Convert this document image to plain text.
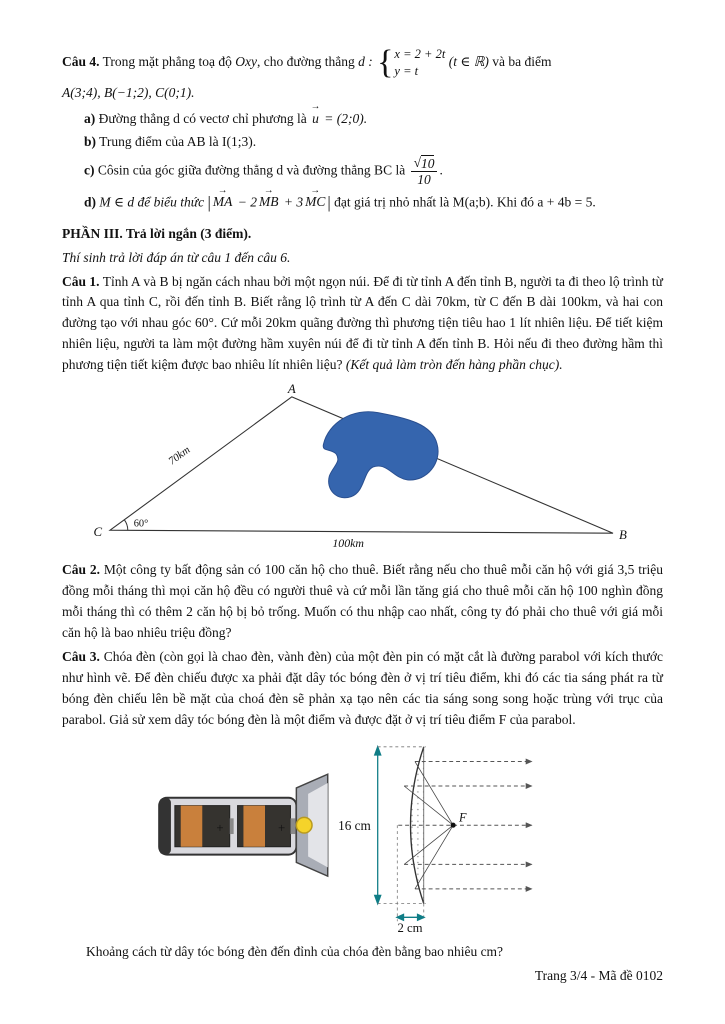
Câu 4. Trong mặt phẳng toạ độ Oxy, cho đường thẳng d : { x = 2 + 2t
y = t
(t ∈ ℝ) và ba điểm

A(3;4), B(−1;2), C(0;1).

a) Đường thẳng d có vectơ chỉ phương là u → = (2;0).

b) Trung điểm của AB là I(1;3).

c) Côsin của góc giữa đường thẳng d và đường thẳng BC là $\frac{√ 10}{10}$ .

d) M ∈ d để biểu thức | MA → − 2 MB → + 3 MC → | đạt giá trị nhỏ nhất là M(a;b). Khi đó a + 4b = 5.

PHẦN III. Trả lời ngắn (3 điểm).

Thí sinh trả lời đáp án từ câu 1 đến câu 6.

Câu 1. Tỉnh A và B bị ngăn cách nhau bởi một ngọn núi. Để đi từ tỉnh A đến tỉnh B, người ta đi theo lộ trình từ tỉnh A qua tỉnh C, rồi đến tỉnh B. Biết rằng lộ trình từ A đến C dài 70km, từ C đến B dài 100km, và hai con đường tạo với nhau góc 60°. Cứ mỗi 20km quãng đường thì phương tiện tiêu hao 1 lít nhiên liệu. Để tiết kiệm nhiên liệu, người ta làm một đường hầm xuyên núi để đi từ tỉnh A đến tỉnh B. Hỏi nếu đi theo đường hầm thì phương tiện tiết kiệm được bao nhiêu lít nhiên liệu? (Kết quả làm tròn đến hàng phần chục).

A
C	B
70km
60°
100km

Câu 2. Một công ty bất động sản có 100 căn hộ cho thuê. Biết rằng nếu cho thuê mỗi căn hộ với giá 3,5 triệu đồng mỗi tháng thì mọi căn hộ đều có người thuê và cứ mỗi lần tăng giá cho thuê mỗi căn hộ 100 nghìn đồng mỗi tháng thì có thêm 2 căn hộ bị bỏ trống. Muốn có thu nhập cao nhất, công ty đó phải cho thuê với giá mỗi căn hộ là bao nhiêu triệu đồng?

Câu 3. Chóa đèn (còn gọi là chao đèn, vành đèn) của một đèn pin có mặt cắt là đường parabol với kích thước như hình vẽ. Để đèn chiếu được xa phải đặt dây tóc bóng đèn ở vị trí tiêu điểm, khi đó các tia sáng phát ra từ bóng đèn chiếu lên bề mặt của choá đèn sẽ phản xạ tạo nên các tia sáng song song hoặc trùng với trục của parabol. Giả sử xem dây tóc bóng đèn là một điểm và được đặt ở vị trí tiêu điểm F của parabol.

+	+	16 cm
F
2 cm

Khoảng cách từ dây tóc bóng đèn đến đỉnh của chóa đèn bằng bao nhiêu cm?

Trang 3/4 - Mã đề 0102
